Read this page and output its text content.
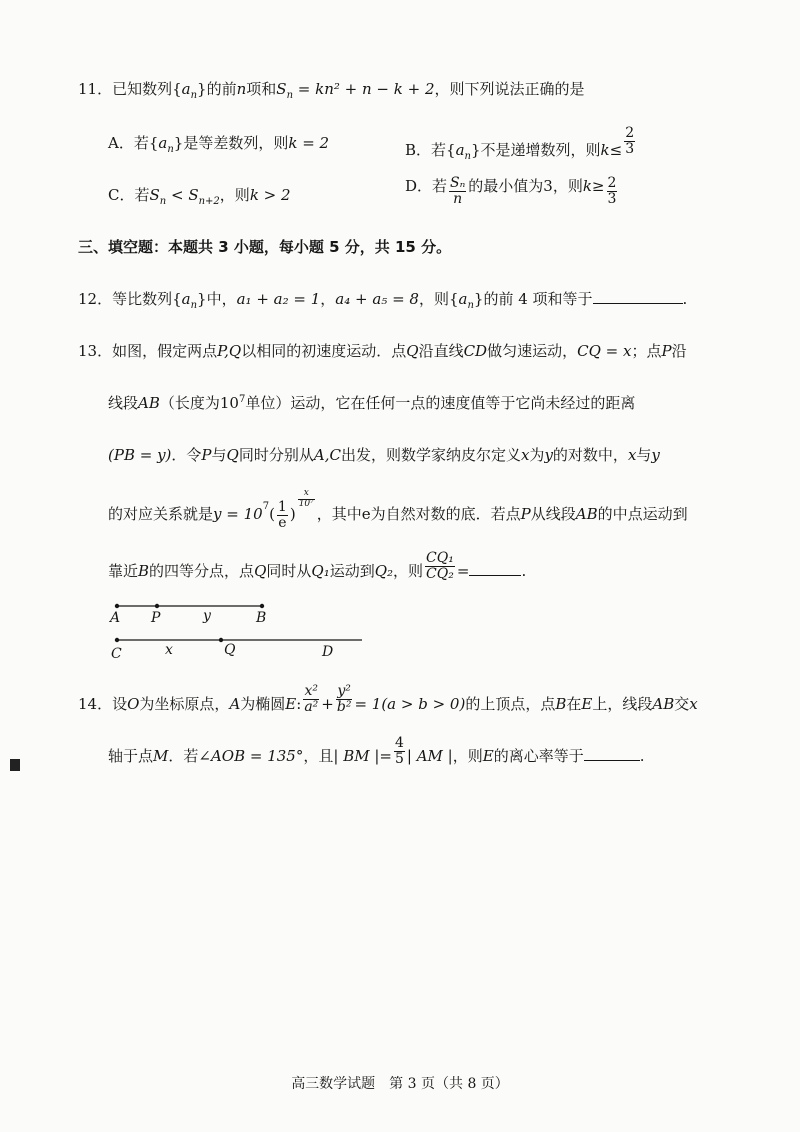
11．已知数列$\{a_n\}$的前n项和$S_n = kn^2 + n - k + 2$，则下列说法正确的是
A．若$\{a_n\}$是等差数列，则k = 2	B．若$\{a_n\}$不是递增数列，则$k\le \frac{2}{3}$
C．若$S_n < S_{n+2}$，则k > 2	D．若 $\frac{\text{Sₙ}}{n}$ 的最小值为3，则$k\ge \frac{2}{3}$
三、填空题：本题共 3 小题，每小题 5 分，共 15 分。
12．等比数列$\{a_n\}$中，a₁ + a₂ = 1，a₄ + a₅ = 8，则$\{a_n\}$的前 4 项和等于	.
13．如图，假定两点P,Q以相同的初速度运动．点Q沿直线CD做匀速运动，CQ = x；点P沿
线段AB（长度为$10^7$单位）运动，它在任何一点的速度值等于它尚未经过的距离
(PB = y)．令P与Q同时分别从A,C出发，则数学家纳皮尔定义x为y的对数中，x与y
的对应关系就是$y = 10^7( \frac{1}{e}$ )
$\frac{x}{\text{10⁷}}$
，其中e为自然对数的底．若点P从线段AB的中点运动到
靠近B的四等分点，点Q同时从Q₁运动到Q₂，则 $\frac{\text{CQ₁}}{\text{CQ₂}}$ =	.
A P	y	B
C	x	Q	D
14．设O为坐标原点，A为椭圆E: $\frac{\text{x²}}{\text{a²}} + \frac{\text{y²}}{\text{b²}} = 1(a > b > 0)$的上顶点，点B在E上，线段AB交x
轴于点M．若∠AOB = 135°，且| BM |= $\frac{4}{5}$ | AM |，则E的离心率等于	.
高三数学试题　第 3 页（共 8 页）
